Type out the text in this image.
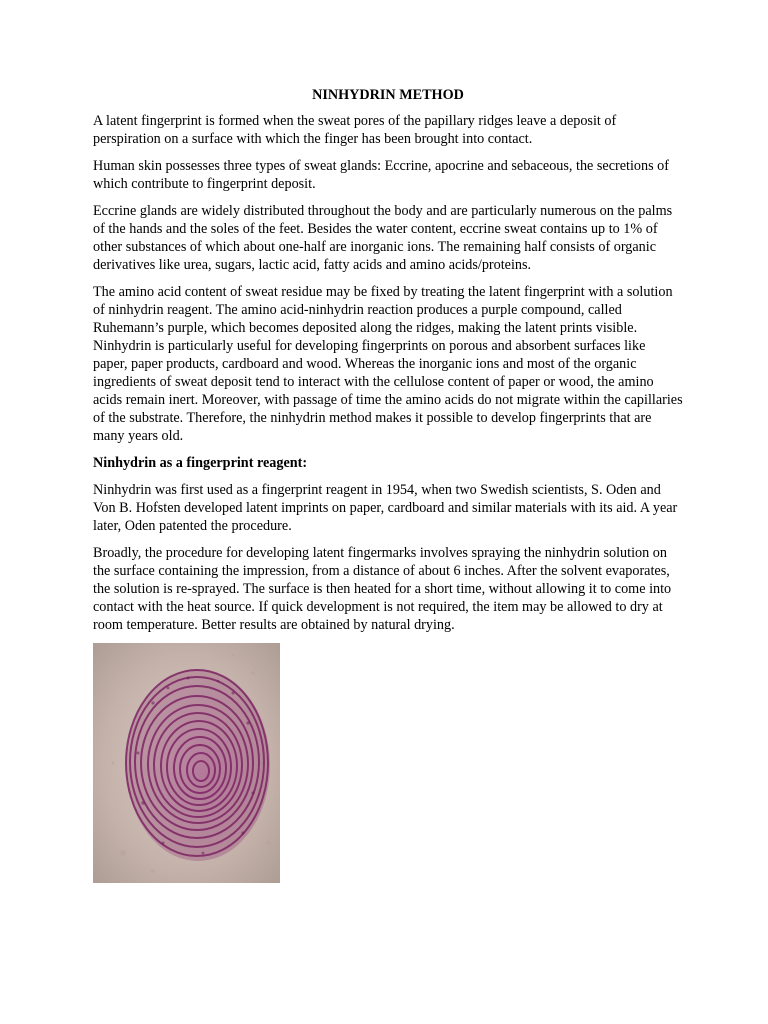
NINHYDRIN METHOD

A latent fingerprint is formed when the sweat pores of the papillary ridges leave a deposit of perspiration on a surface with which the finger has been brought into contact.

Human skin possesses three types of sweat glands: Eccrine, apocrine and sebaceous, the secretions of which contribute to fingerprint deposit.

Eccrine glands are widely distributed throughout the body and are particularly numerous on the palms of the hands and the soles of the feet. Besides the water content, eccrine sweat contains up to 1% of other substances of which about one-half are inorganic ions. The remaining half consists of organic derivatives like urea, sugars, lactic acid, fatty acids and amino acids/proteins.

The amino acid content of sweat residue may be fixed by treating the latent fingerprint with a solution of ninhydrin reagent. The amino acid-ninhydrin reaction produces a purple compound, called Ruhemann’s purple, which becomes deposited along the ridges, making the latent prints visible. Ninhydrin is particularly useful for developing fingerprints on porous and absorbent surfaces like paper, paper products, cardboard and wood. Whereas the inorganic ions and most of the organic ingredients of sweat deposit tend to interact with the cellulose content of paper or wood, the amino acids remain inert. Moreover, with passage of time the amino acids do not migrate within the capillaries of the substrate. Therefore, the ninhydrin method makes it possible to develop fingerprints that are many years old.

Ninhydrin as a fingerprint reagent:

Ninhydrin was first used as a fingerprint reagent in 1954, when two Swedish scientists, S. Oden and Von B. Hofsten developed latent imprints on paper, cardboard and similar materials with its aid. A year later, Oden patented the procedure.

Broadly, the procedure for developing latent fingermarks involves spraying the ninhydrin solution on the surface containing the impression, from a distance of about 6 inches. After the solvent evaporates, the solution is re-sprayed. The surface is then heated for a short time, without allowing it to come into contact with the heat source. If quick development is not required, the item may be allowed to dry at room temperature. Better results are obtained by natural drying.
